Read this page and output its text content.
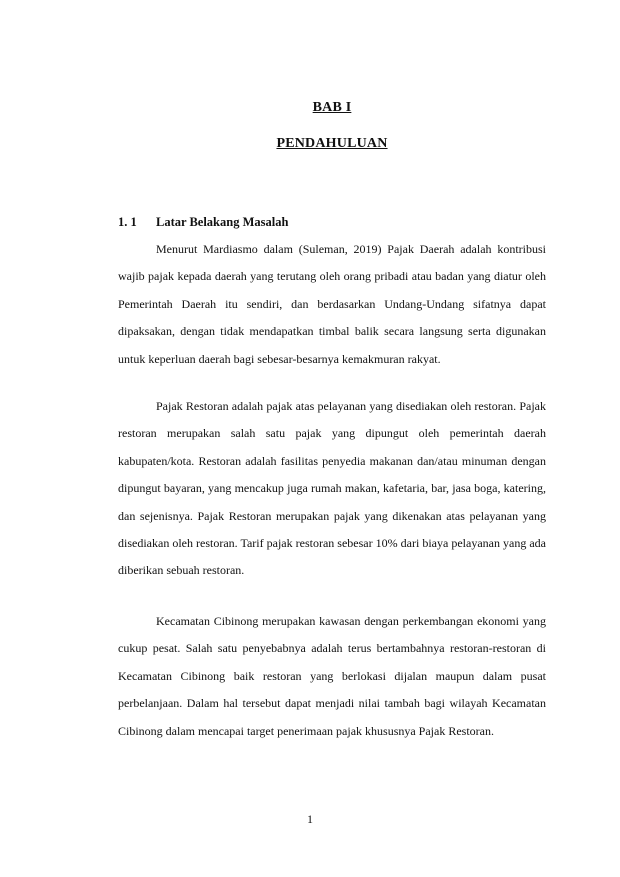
BAB I
PENDAHULUAN
1. 1 Latar Belakang Masalah

Menurut Mardiasmo dalam (Suleman, 2019) Pajak Daerah adalah kontribusi wajib pajak kepada daerah yang terutang oleh orang pribadi atau badan yang diatur oleh Pemerintah Daerah itu sendiri, dan berdasarkan Undang-Undang sifatnya dapat dipaksakan, dengan tidak mendapatkan timbal balik secara langsung serta digunakan untuk keperluan daerah bagi sebesar-besarnya kemakmuran rakyat.

Pajak Restoran adalah pajak atas pelayanan yang disediakan oleh restoran. Pajak restoran merupakan salah satu pajak yang dipungut oleh pemerintah daerah kabupaten/kota. Restoran adalah fasilitas penyedia makanan dan/atau minuman dengan dipungut bayaran, yang mencakup juga rumah makan, kafetaria, bar, jasa boga, katering, dan sejenisnya. Pajak Restoran merupakan pajak yang dikenakan atas pelayanan yang disediakan oleh restoran. Tarif pajak restoran sebesar 10% dari biaya pelayanan yang ada diberikan sebuah restoran.

Kecamatan Cibinong merupakan kawasan dengan perkembangan ekonomi yang cukup pesat. Salah satu penyebabnya adalah terus bertambahnya restoran-restoran di Kecamatan Cibinong baik restoran yang berlokasi dijalan maupun dalam pusat perbelanjaan. Dalam hal tersebut dapat menjadi nilai tambah bagi wilayah Kecamatan Cibinong dalam mencapai target penerimaan pajak khususnya Pajak Restoran.

1
